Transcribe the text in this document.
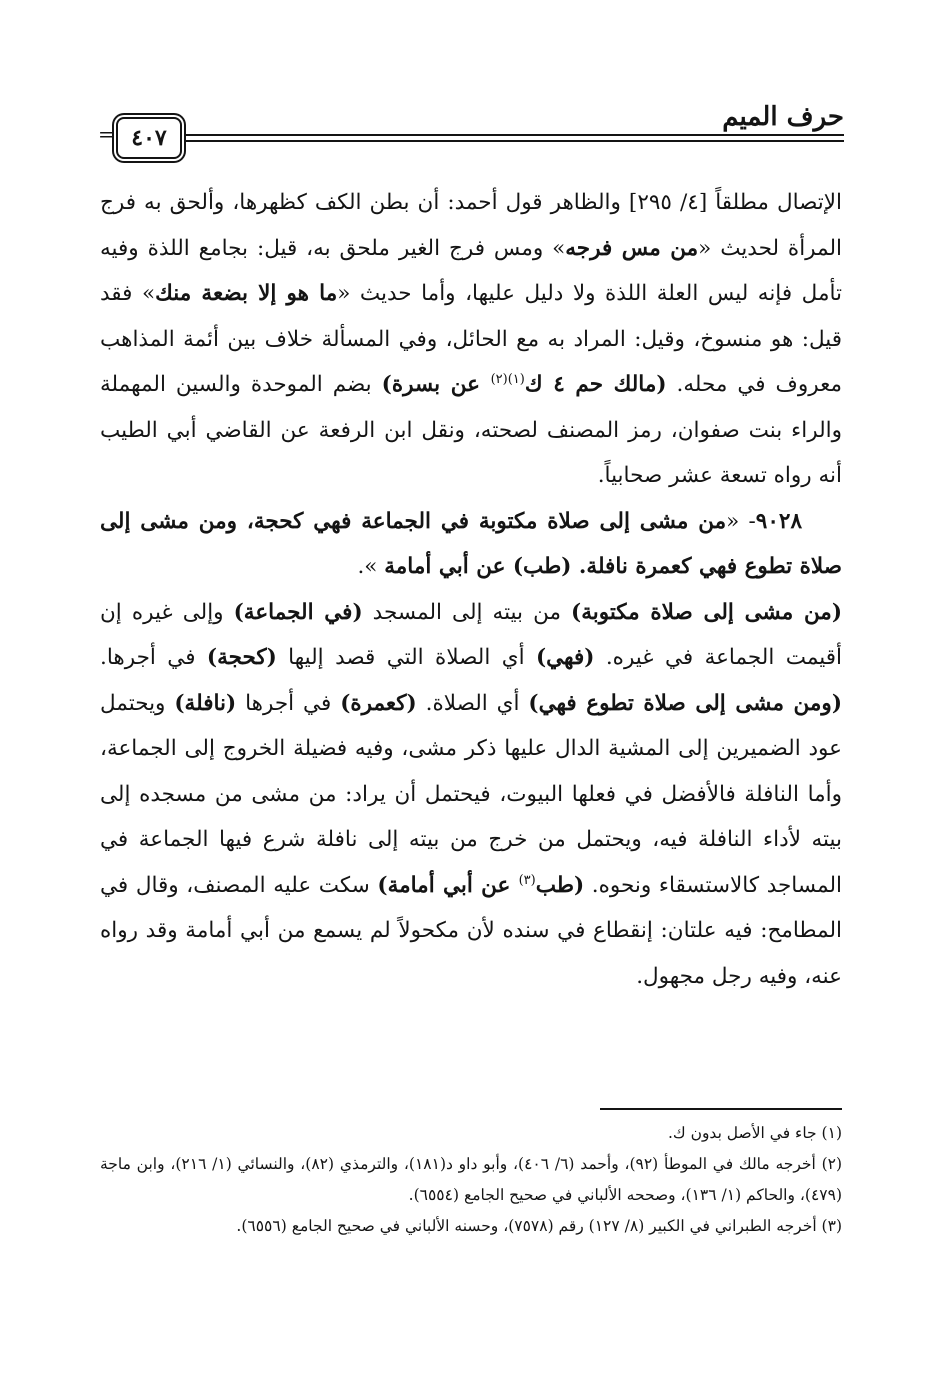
حرف الميم
= ٤٠٧

الإتصال مطلقاً [٤/ ٢٩٥] والظاهر قول أحمد: أن بطن الكف كظهرها، وألحق به فرج المرأة لحديث «من مس فرجه» ومس فرج الغير ملحق به، قيل: بجامع اللذة وفيه تأمل فإنه ليس العلة اللذة ولا دليل عليها، وأما حديث «ما هو إلا بضعة منك» فقد قيل: هو منسوخ، وقيل: المراد به مع الحائل، وفي المسألة خلاف بين أئمة المذاهب معروف في محله. (مالك حم ٤ ك$^{(١)(٢)}$ عن بسرة) بضم الموحدة والسين المهملة والراء بنت صفوان، رمز المصنف لصحته، ونقل ابن الرفعة عن القاضي أبي الطيب أنه رواه تسعة عشر صحابياً.

٩٠٢٨- «من مشى إلى صلاة مكتوبة في الجماعة فهي كحجة، ومن مشى إلى صلاة تطوع فهي كعمرة نافلة. (طب) عن أبي أمامة ».

(من مشى إلى صلاة مكتوبة) من بيته إلى المسجد (في الجماعة) وإلى غيره إن أقيمت الجماعة في غيره. (فهي) أي الصلاة التي قصد إليها (كحجة) في أجرها. (ومن مشى إلى صلاة تطوع فهي) أي الصلاة. (كعمرة) في أجرها (نافلة) ويحتمل عود الضميرين إلى المشية الدال عليها ذكر مشى، وفيه فضيلة الخروج إلى الجماعة، وأما النافلة فالأفضل في فعلها البيوت، فيحتمل أن يراد: من مشى من مسجده إلى بيته لأداء النافلة فيه، ويحتمل من خرج من بيته إلى نافلة شرع فيها الجماعة في المساجد كالاستسقاء ونحوه. (طب$^{(٣)}$ عن أبي أمامة) سكت عليه المصنف، وقال في المطامح: فيه علتان: إنقطاع في سنده لأن مكحولاً لم يسمع من أبي أمامة وقد رواه عنه، وفيه رجل مجهول.

(١) جاء في الأصل بدون ك.

(٢) أخرجه مالك في الموطأ (٩٢)، وأحمد (٦/ ٤٠٦)، وأبو داو د(١٨١)، والترمذي (٨٢)، والنسائي (١/ ٢١٦)، وابن ماجة (٤٧٩)، والحاكم (١/ ١٣٦)، وصححه الألباني في صحيح الجامع (٦٥٥٤).

(٣) أخرجه الطبراني في الكبير (٨/ ١٢٧) رقم (٧٥٧٨)، وحسنه الألباني في صحيح الجامع (٦٥٥٦).
